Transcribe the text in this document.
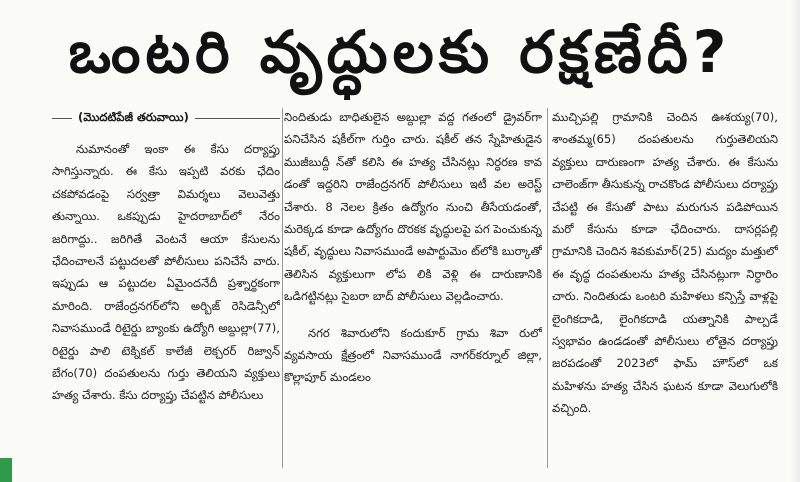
ఒంటరి వృద్ధులకు రక్షణేదీ?
(మొదటిపేజీ తరువాయి)

నుమానంతో ఇంకా ఈ కేసు దర్యాప్తు సాగిస్తున్నారు. ఈ కేసు ఇప్పటి వరకు ఛేదిం చకపోవడంపై సర్వత్రా విమర్శలు వెలువెత్తు తున్నాయి. ఒకప్పుడు హైదరాబాద్‌లో నేరం జరిగాద్దు.. జరిగితే వెంటనే ఆయా కేసులను ఛేదించాలనే పట్టుదలతో పోలీసులు పనిచేసే వారు. ఇప్పుడు ఆ పట్టుదల ఏమైందనేదీ ప్రశ్నార్థకంగా మారింది. రాజేంద్రనగర్‌లోని అర్బిజ్ రెసిడెన్సీలో నివాసముండే రిటైర్డు బ్యాంకు ఉద్యోగి అబ్దుల్లా(77), రిటైర్డు పాలి టెక్నికల్ కాలేజీ లెక్చరర్ రిజ్వాన్ బేగం(70) దంపతులను గుర్తు తెలియని వ్యక్తులు హత్య చేశారు. కేసు దర్యాప్తు చేపట్టిన పోలీసులు

నిందితుడు బాధితులైన అబ్దుల్లా వద్ద గతంలో డ్రైవర్‌గా పనిచేసిన షకీల్‌గా గుర్తిం చారు. షకీల్ తన స్నేహితుడైన ముజీబుద్దీ న్‌తో కలిసి ఈ హత్య చేసినట్లు నిర్ధరణ కావ డంతో ఇద్దరిని రాజేంద్రనగర్ పోలీసులు ఇటీ వల అరెస్ట్ చేశారు. 8 నెలల క్రితం ఉద్యోగం నుంచి తీసేయడంతో, మరెక్కడ కూడా ఉద్యోగం దొరకక వృద్ధులపై పగ పెంచుకున్న షకీల్, వృద్ధులు నివాసముండే అపార్టుమెం ట్‌లోకి బుర్కాతో తెలిసిన వ్యక్తులుగా లోప లికి వెళ్లి ఈ దారుణానికి ఒడిగట్టినట్లు సైబరా బాద్ పోలీసులు వెల్లడించారు.

నగర శివారులోని కందుకూర్ గ్రామ శివా రులో వ్యవసాయ క్షేత్రంలో నివాసముండే నాగర్‌కర్నూల్ జిల్లా, కొల్లాపూర్ మండలం

ముచ్చిపల్లి గ్రామానికి చెందిన ఊశయ్య(70), శాంతమ్మ(65) దంపతులను గుర్తుతెలియని వ్యక్తులు దారుణంగా హత్య చేశారు. ఈ కేసును చాలెంజ్‌గా తీసుకున్న రాచకొండ పోలీసులు దర్యాప్తు చేపట్టి ఈ కేసుతో పాటు మరుగున పడిపోయిన మరో కేసును కూడా ఛేదించారు. దాసర్లపల్లి గ్రామానికి చెందిన శివకుమార్(25) మద్యం మత్తులో ఈ వృద్ధ దంపతులను హత్య చేసినట్లుగా నిర్ధారిం చారు. నిందితుడు ఒంటరి మహిళలు కన్పిస్తే వాళ్లపై లైంగికదాడి, లైంగికదాడి యత్నానికి పాల్పడే స్వభావం ఉండడంతో పోలీసులు లోతైన దర్యాప్తు జరపడంతో 2023లో ఫామ్ హౌస్‌లో ఒక మహిళను హత్య చేసిన ఘటన కూడా వెలుగులోకి వచ్చింది.
